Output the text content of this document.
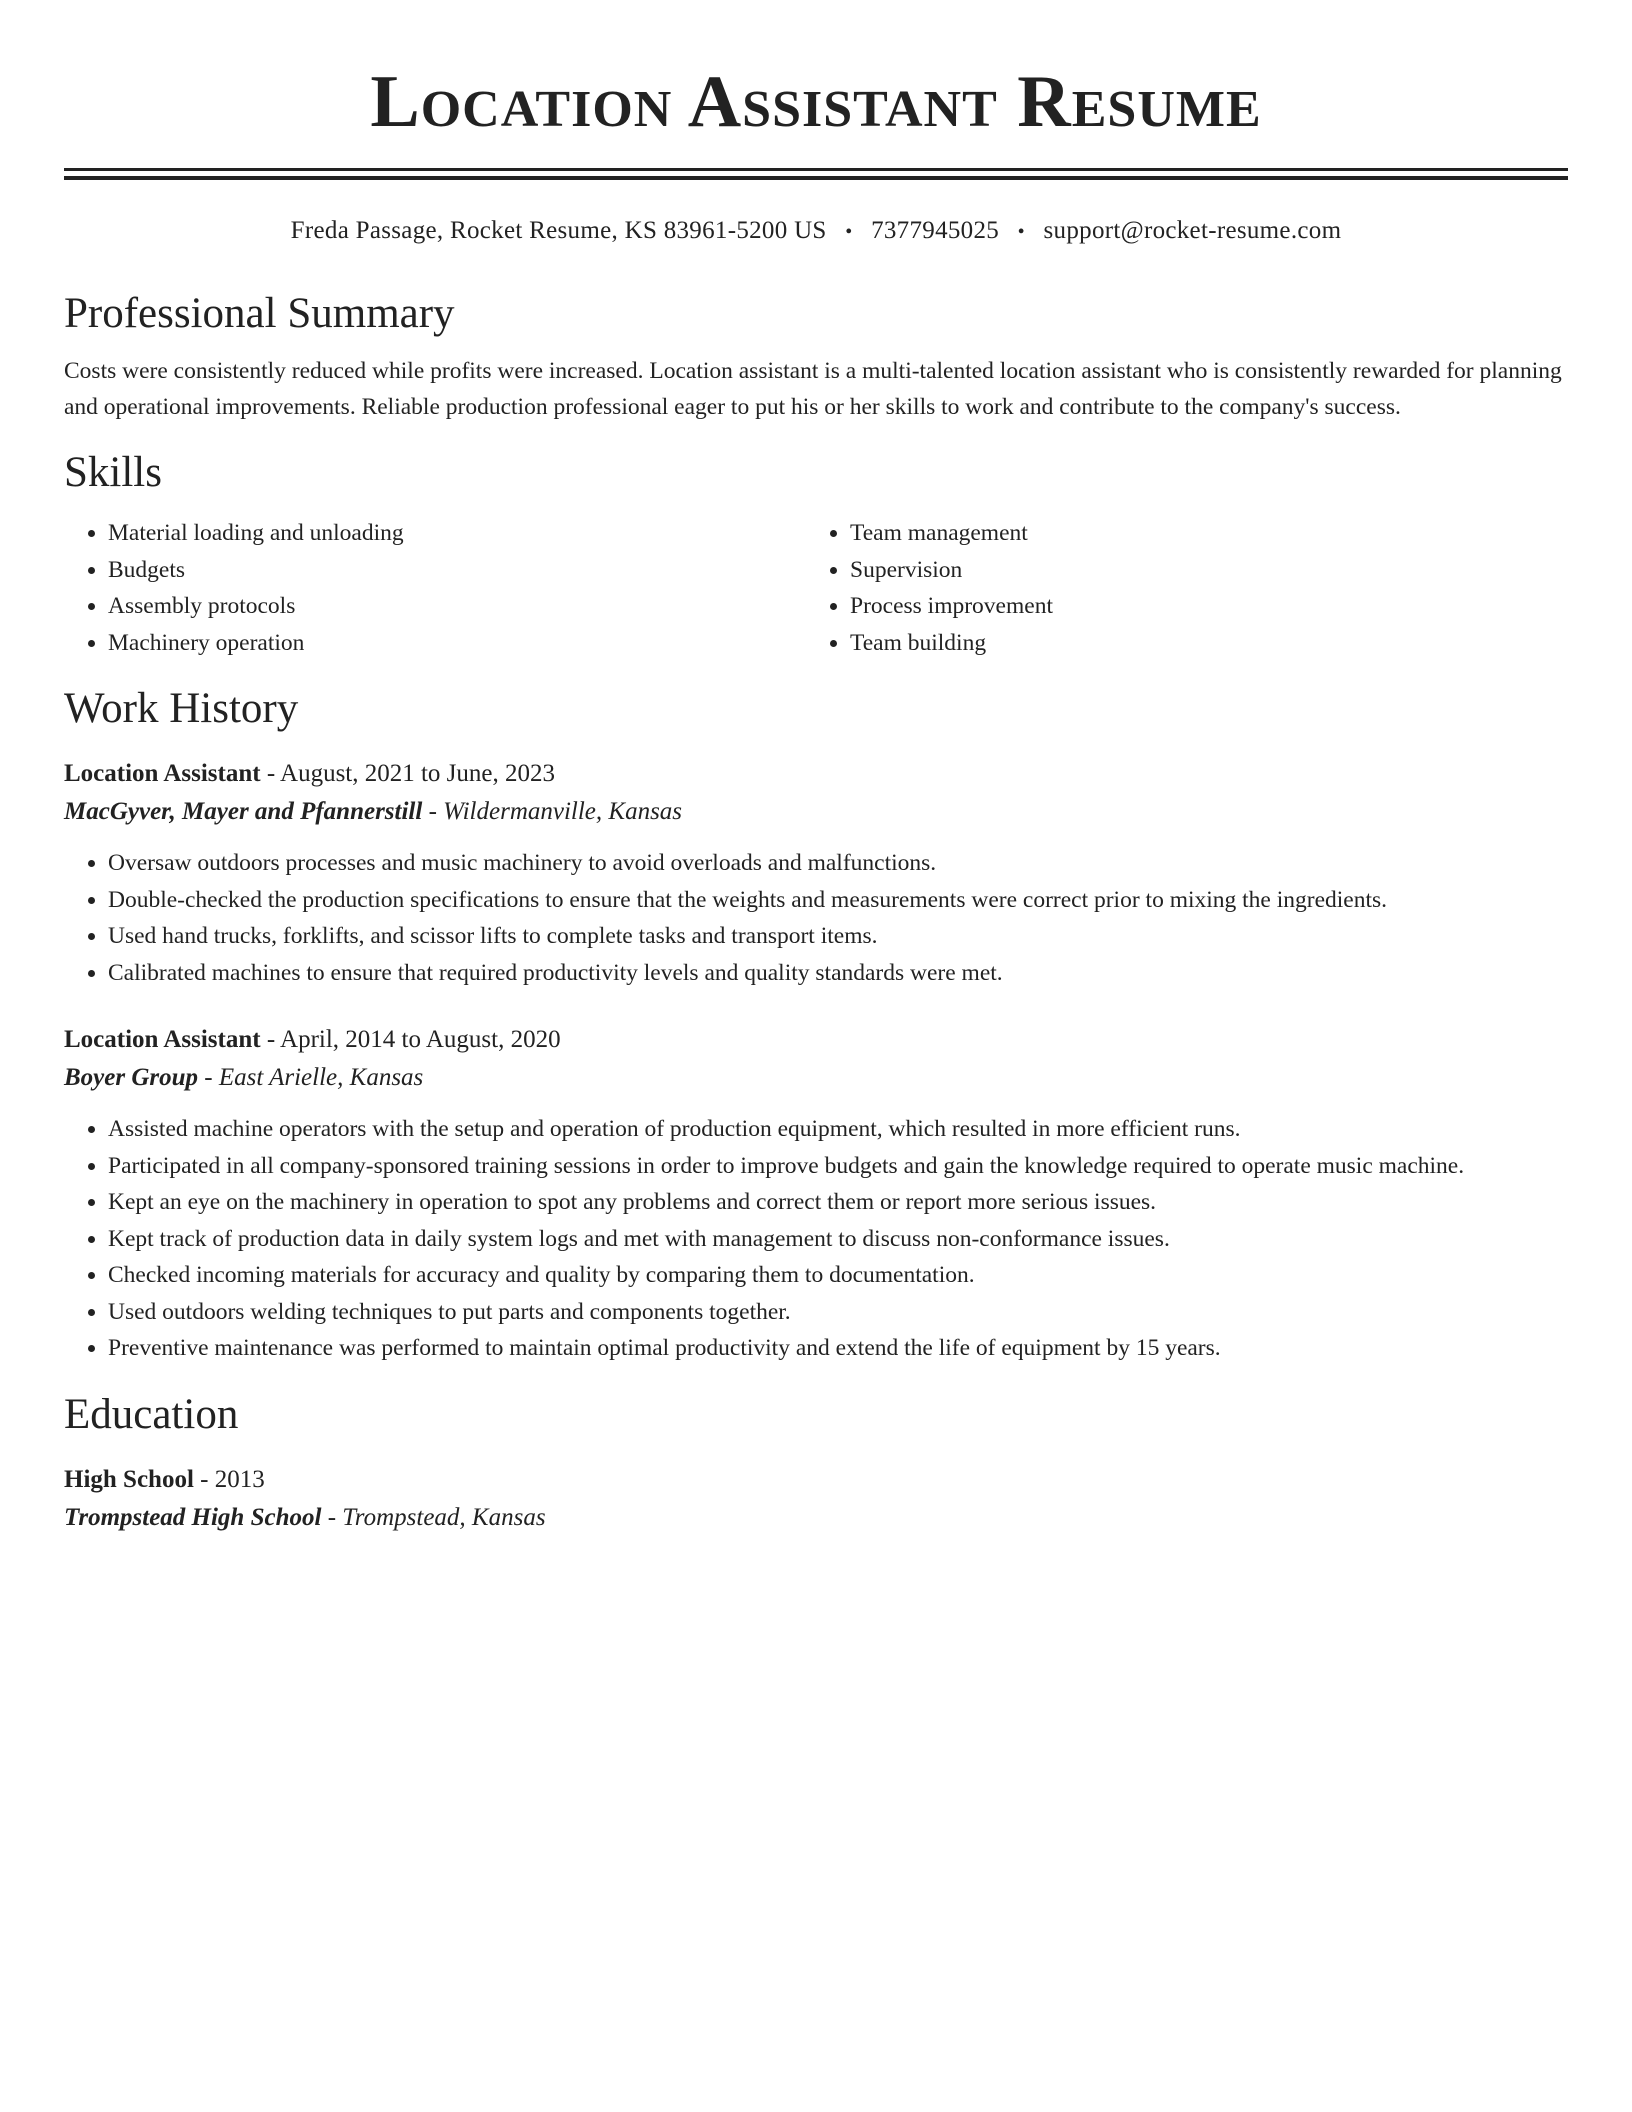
Location Assistant Resume
Freda Passage, Rocket Resume, KS 83961-5200 US • 7377945025 • support@rocket-resume.com
Professional Summary

Costs were consistently reduced while profits were increased. Location assistant is a multi-talented location assistant who is consistently rewarded for planning and operational improvements. Reliable production professional eager to put his or her skills to work and contribute to the company's success.

Skills
• Material loading and unloading
• Budgets
• Assembly protocols
• Machinery operation
• Team management
• Supervision
• Process improvement
• Team building
Work History
Location Assistant - August, 2021 to June, 2023
MacGyver, Mayer and Pfannerstill - Wildermanville, Kansas
• Oversaw outdoors processes and music machinery to avoid overloads and malfunctions.
• Double-checked the production specifications to ensure that the weights and measurements were correct prior to mixing the ingredients.
• Used hand trucks, forklifts, and scissor lifts to complete tasks and transport items.
• Calibrated machines to ensure that required productivity levels and quality standards were met.
Location Assistant - April, 2014 to August, 2020
Boyer Group - East Arielle, Kansas
• Assisted machine operators with the setup and operation of production equipment, which resulted in more efficient runs.
• Participated in all company-sponsored training sessions in order to improve budgets and gain the knowledge required to operate music machine.
• Kept an eye on the machinery in operation to spot any problems and correct them or report more serious issues.
• Kept track of production data in daily system logs and met with management to discuss non-conformance issues.
• Checked incoming materials for accuracy and quality by comparing them to documentation.
• Used outdoors welding techniques to put parts and components together.
• Preventive maintenance was performed to maintain optimal productivity and extend the life of equipment by 15 years.
Education
High School - 2013
Trompstead High School - Trompstead, Kansas
